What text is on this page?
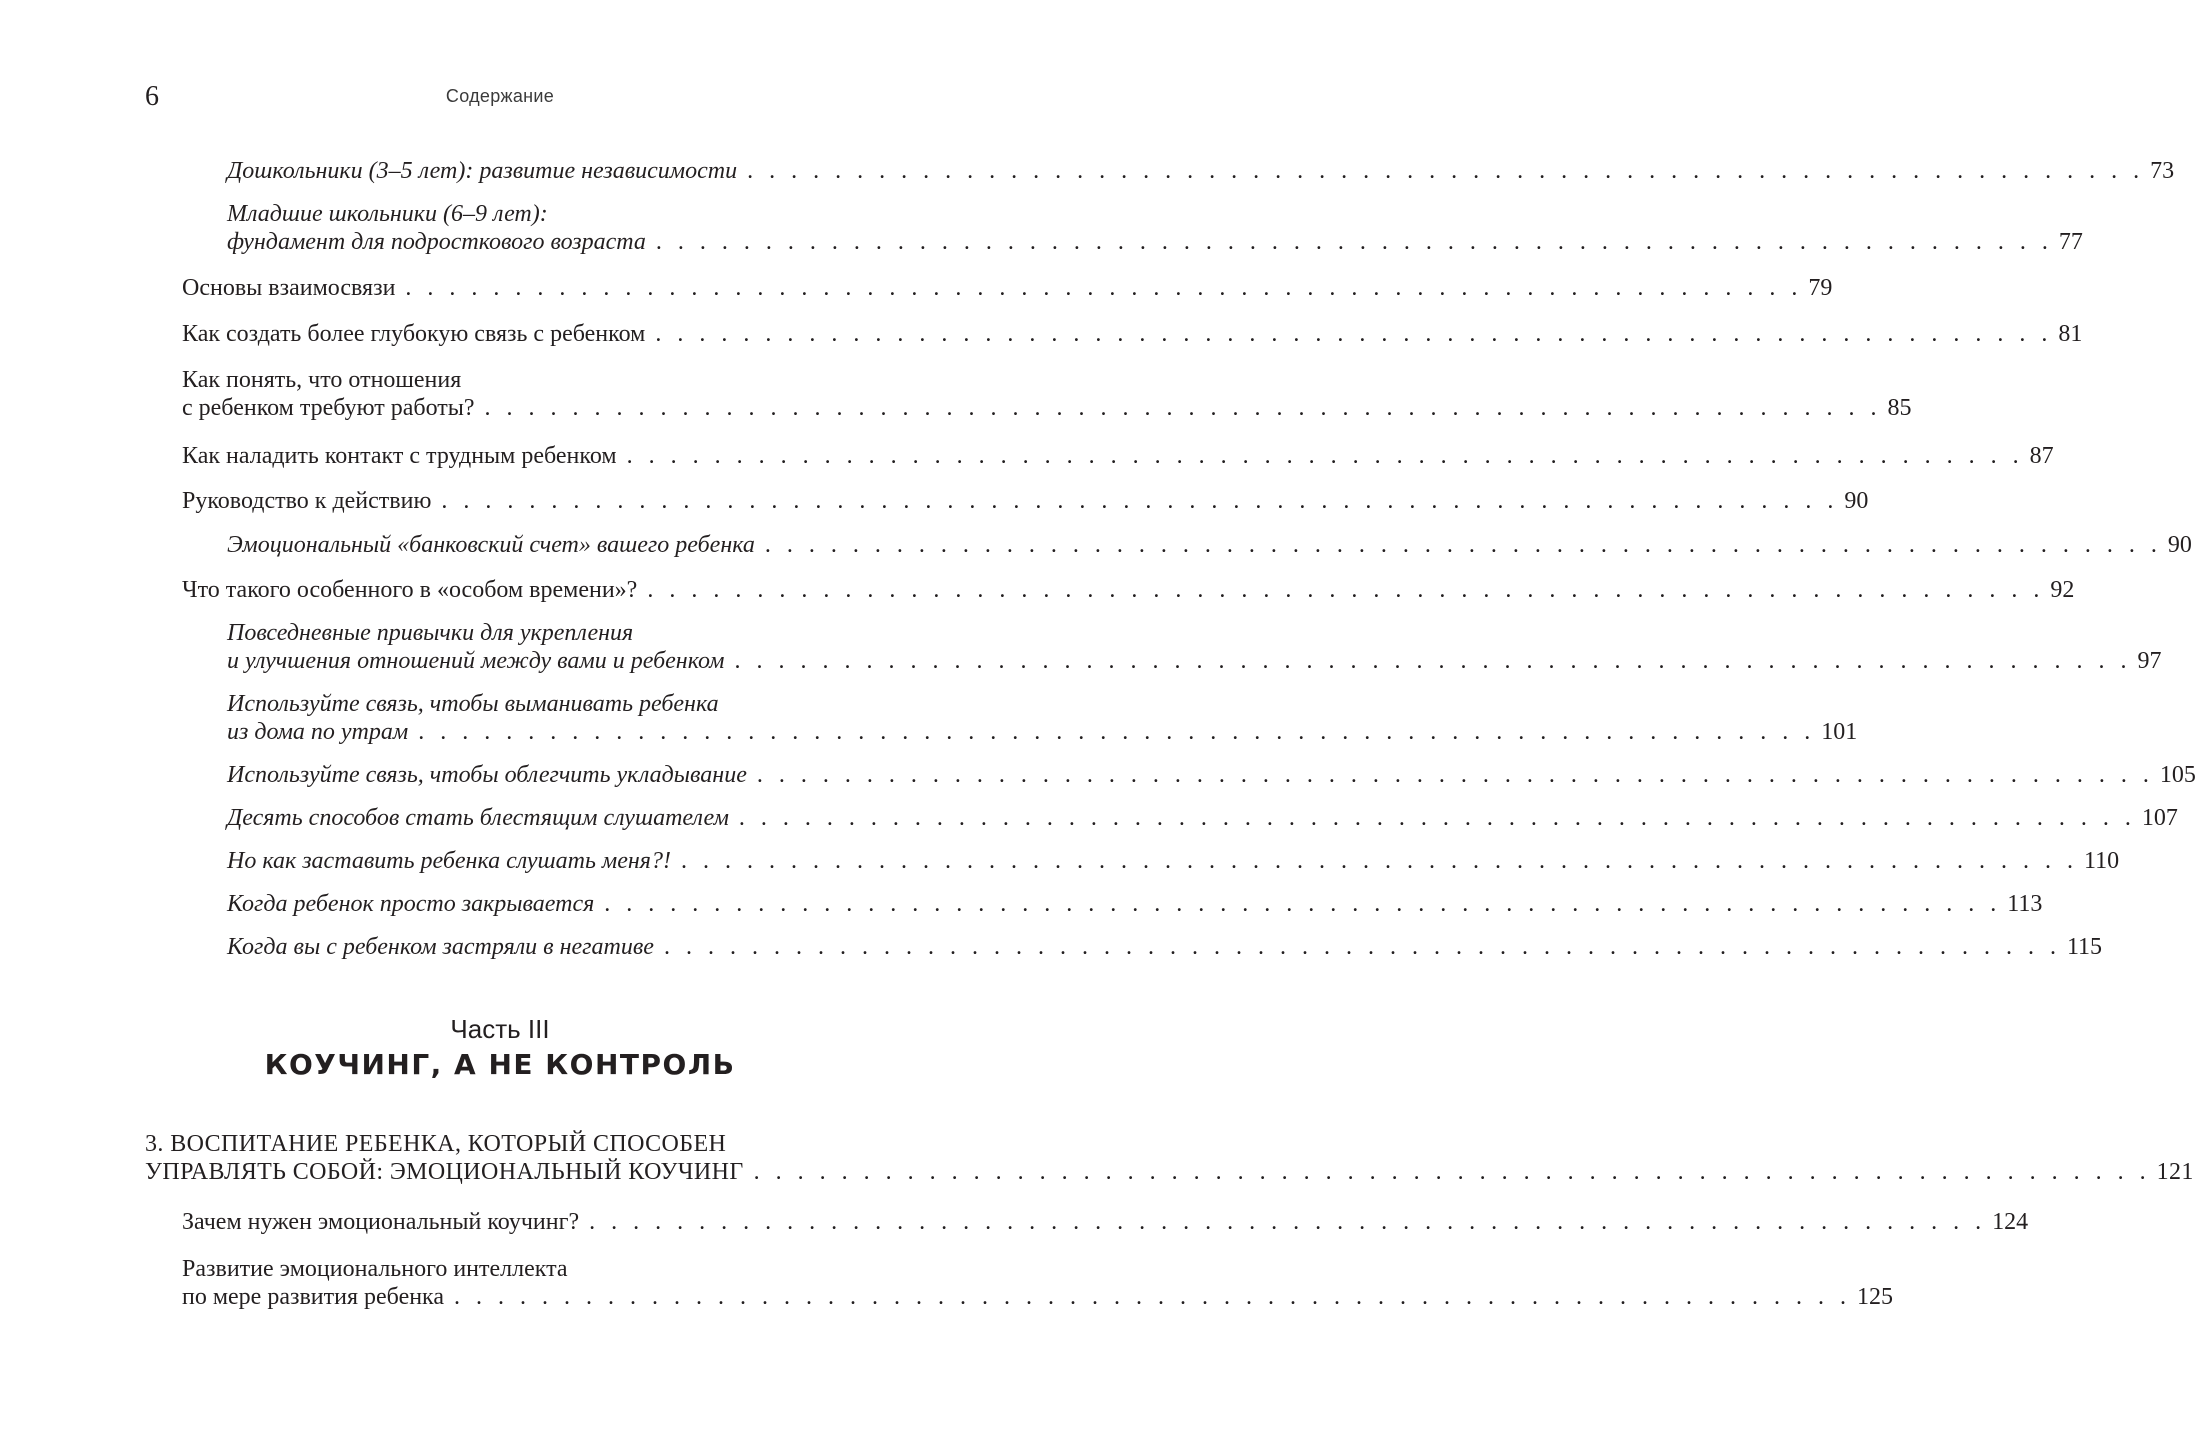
6	Содержание
Дошкольники (3–5 лет): развитие независимости . . . . . . . . . . . . . . . . . . . . . . . . . . . . . . . . . . . . . . . . . . . . . . . . . . . . . . . . . . . . . . . . 73
Младшие школьники (6–9 лет):
фундамент для подросткового возраста . . . . . . . . . . . . . . . . . . . . . . . . . . . . . . . . . . . . . . . . . . . . . . . . . . . . . . . . . . . . . . . . 77
Основы взаимосвязи . . . . . . . . . . . . . . . . . . . . . . . . . . . . . . . . . . . . . . . . . . . . . . . . . . . . . . . . . . . . . . . . 79
Как создать более глубокую связь с ребенком . . . . . . . . . . . . . . . . . . . . . . . . . . . . . . . . . . . . . . . . . . . . . . . . . . . . . . . . . . . . . . . . 81
Как понять, что отношения
с ребенком требуют работы? . . . . . . . . . . . . . . . . . . . . . . . . . . . . . . . . . . . . . . . . . . . . . . . . . . . . . . . . . . . . . . . . 85
Как наладить контакт с трудным ребенком . . . . . . . . . . . . . . . . . . . . . . . . . . . . . . . . . . . . . . . . . . . . . . . . . . . . . . . . . . . . . . . . 87
Руководство к действию . . . . . . . . . . . . . . . . . . . . . . . . . . . . . . . . . . . . . . . . . . . . . . . . . . . . . . . . . . . . . . . . 90
Эмоциональный «банковский счет» вашего ребенка . . . . . . . . . . . . . . . . . . . . . . . . . . . . . . . . . . . . . . . . . . . . . . . . . . . . . . . . . . . . . . . . 90
Что такого особенного в «особом времени»? . . . . . . . . . . . . . . . . . . . . . . . . . . . . . . . . . . . . . . . . . . . . . . . . . . . . . . . . . . . . . . . . 92
Повседневные привычки для укрепления
и улучшения отношений между вами и ребенком . . . . . . . . . . . . . . . . . . . . . . . . . . . . . . . . . . . . . . . . . . . . . . . . . . . . . . . . . . . . . . . . 97
Используйте связь, чтобы выманивать ребенка
из дома по утрам . . . . . . . . . . . . . . . . . . . . . . . . . . . . . . . . . . . . . . . . . . . . . . . . . . . . . . . . . . . . . . . . 101
Используйте связь, чтобы облегчить укладывание . . . . . . . . . . . . . . . . . . . . . . . . . . . . . . . . . . . . . . . . . . . . . . . . . . . . . . . . . . . . . . . . 105
Десять способов стать блестящим слушателем . . . . . . . . . . . . . . . . . . . . . . . . . . . . . . . . . . . . . . . . . . . . . . . . . . . . . . . . . . . . . . . . 107
Но как заставить ребенка слушать меня?! . . . . . . . . . . . . . . . . . . . . . . . . . . . . . . . . . . . . . . . . . . . . . . . . . . . . . . . . . . . . . . . . 110
Когда ребенок просто закрывается . . . . . . . . . . . . . . . . . . . . . . . . . . . . . . . . . . . . . . . . . . . . . . . . . . . . . . . . . . . . . . . . 113
Когда вы с ребенком застряли в негативе . . . . . . . . . . . . . . . . . . . . . . . . . . . . . . . . . . . . . . . . . . . . . . . . . . . . . . . . . . . . . . . . 115
Часть III
КОУЧИНГ, А НЕ КОНТРОЛЬ
3. ВОСПИТАНИЕ РЕБЕНКА, КОТОРЫЙ СПОСОБЕН
УПРАВЛЯТЬ СОБОЙ: ЭМОЦИОНАЛЬНЫЙ КОУЧИНГ . . . . . . . . . . . . . . . . . . . . . . . . . . . . . . . . . . . . . . . . . . . . . . . . . . . . . . . . . . . . . . . . 121
Зачем нужен эмоциональный коучинг? . . . . . . . . . . . . . . . . . . . . . . . . . . . . . . . . . . . . . . . . . . . . . . . . . . . . . . . . . . . . . . . . 124
Развитие эмоционального интеллекта
по мере развития ребенка . . . . . . . . . . . . . . . . . . . . . . . . . . . . . . . . . . . . . . . . . . . . . . . . . . . . . . . . . . . . . . . . 125
